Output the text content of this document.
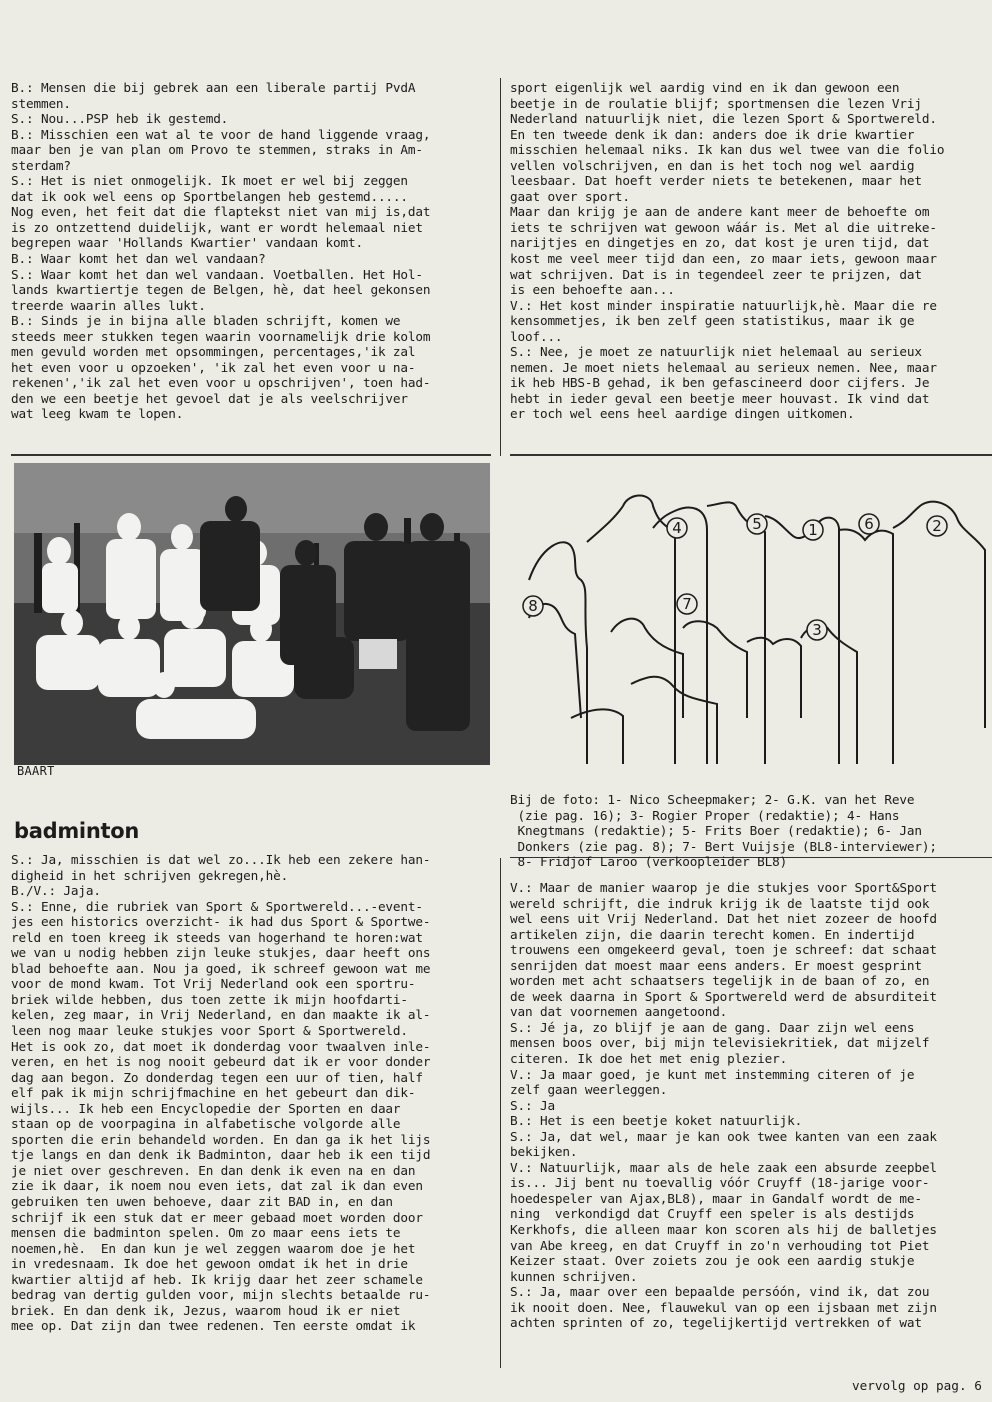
B.: Mensen die bij gebrek aan een liberale partij PvdA

stemmen.

S.: Nou...PSP heb ik gestemd.

B.: Misschien een wat al te voor de hand liggende vraag,

maar ben je van plan om Provo te stemmen, straks in Am-

sterdam?

S.: Het is niet onmogelijk. Ik moet er wel bij zeggen

dat ik ook wel eens op Sportbelangen heb gestemd.....

Nog even, het feit dat die flaptekst niet van mij is,dat

is zo ontzettend duidelijk, want er wordt helemaal niet

begrepen waar 'Hollands Kwartier' vandaan komt.

B.: Waar komt het dan wel vandaan?

S.: Waar komt het dan wel vandaan. Voetballen. Het Hol-

lands kwartiertje tegen de Belgen, hè, dat heel gekonsen

treerde waarin alles lukt.

B.: Sinds je in bijna alle bladen schrijft, komen we

steeds meer stukken tegen waarin voornamelijk drie kolom

men gevuld worden met opsommingen, percentages,'ik zal

het even voor u opzoeken', 'ik zal het even voor u na-

rekenen','ik zal het even voor u opschrijven', toen had-

den we een beetje het gevoel dat je als veelschrijver

wat leeg kwam te lopen.

sport eigenlijk wel aardig vind en ik dan gewoon een

beetje in de roulatie blijf; sportmensen die lezen Vrij

Nederland natuurlijk niet, die lezen Sport & Sportwereld.

En ten tweede denk ik dan: anders doe ik drie kwartier

misschien helemaal niks. Ik kan dus wel twee van die folio

vellen volschrijven, en dan is het toch nog wel aardig

leesbaar. Dat hoeft verder niets te betekenen, maar het

gaat over sport.

Maar dan krijg je aan de andere kant meer de behoefte om

iets te schrijven wat gewoon wáár is. Met al die uitreke-

narijtjes en dingetjes en zo, dat kost je uren tijd, dat

kost me veel meer tijd dan een, zo maar iets, gewoon maar

wat schrijven. Dat is in tegendeel zeer te prijzen, dat

is een behoefte aan...

V.: Het kost minder inspiratie natuurlijk,hè. Maar die re

kensommetjes, ik ben zelf geen statistikus, maar ik ge

loof...

S.: Nee, je moet ze natuurlijk niet helemaal au serieux

nemen. Je moet niets helemaal au serieux nemen. Nee, maar

ik heb HBS-B gehad, ik ben gefascineerd door cijfers. Je

hebt in ieder geval een beetje meer houvast. Ik vind dat

er toch wel eens heel aardige dingen uitkomen.

BAART
badminton

S.: Ja, misschien is dat wel zo...Ik heb een zekere han-

digheid in het schrijven gekregen,hè.

B./V.: Jaja.

S.: Enne, die rubriek van Sport & Sportwereld...-event-

jes een historics overzicht- ik had dus Sport & Sportwe-

reld en toen kreeg ik steeds van hogerhand te horen:wat

we van u nodig hebben zijn leuke stukjes, daar heeft ons

blad behoefte aan. Nou ja goed, ik schreef gewoon wat me

voor de mond kwam. Tot Vrij Nederland ook een sportru-

briek wilde hebben, dus toen zette ik mijn hoofdarti-

kelen, zeg maar, in Vrij Nederland, en dan maakte ik al-

leen nog maar leuke stukjes voor Sport & Sportwereld.

Het is ook zo, dat moet ik donderdag voor twaalven inle-

veren, en het is nog nooit gebeurd dat ik er voor donder

dag aan begon. Zo donderdag tegen een uur of tien, half

elf pak ik mijn schrijfmachine en het gebeurt dan dik-

wijls... Ik heb een Encyclopedie der Sporten en daar

staan op de voorpagina in alfabetische volgorde alle

sporten die erin behandeld worden. En dan ga ik het lijs

tje langs en dan denk ik Badminton, daar heb ik een tijd

je niet over geschreven. En dan denk ik even na en dan

zie ik daar, ik noem nou even iets, dat zal ik dan even

gebruiken ten uwen behoeve, daar zit BAD in, en dan

schrijf ik een stuk dat er meer gebaad moet worden door

mensen die badminton spelen. Om zo maar eens iets te

noemen,hè.  En dan kun je wel zeggen waarom doe je het

in vredesnaam. Ik doe het gewoon omdat ik het in drie

kwartier altijd af heb. Ik krijg daar het zeer schamele

bedrag van dertig gulden voor, mijn slechts betaalde ru-

briek. En dan denk ik, Jezus, waarom houd ik er niet

mee op. Dat zijn dan twee redenen. Ten eerste omdat ik

4	5	1	6	2
8	7
3

Bij de foto: 1- Nico Scheepmaker; 2- G.K. van het Reve

(zie pag. 16); 3- Rogier Proper (redaktie); 4- Hans

Knegtmans (redaktie); 5- Frits Boer (redaktie); 6- Jan

Donkers (zie pag. 8); 7- Bert Vuijsje (BL8-interviewer);

8- Fridjof Laroo (verkoopleider BL8)

V.: Maar de manier waarop je die stukjes voor Sport&Sport

wereld schrijft, die indruk krijg ik de laatste tijd ook

wel eens uit Vrij Nederland. Dat het niet zozeer de hoofd

artikelen zijn, die daarin terecht komen. En indertijd

trouwens een omgekeerd geval, toen je schreef: dat schaat

senrijden dat moest maar eens anders. Er moest gesprint

worden met acht schaatsers tegelijk in de baan of zo, en

de week daarna in Sport & Sportwereld werd de absurditeit

van dat voornemen aangetoond.

S.: Jé ja, zo blijf je aan de gang. Daar zijn wel eens

mensen boos over, bij mijn televisiekritiek, dat mijzelf

citeren. Ik doe het met enig plezier.

V.: Ja maar goed, je kunt met instemming citeren of je

zelf gaan weerleggen.

S.: Ja

B.: Het is een beetje koket natuurlijk.

S.: Ja, dat wel, maar je kan ook twee kanten van een zaak

bekijken.

V.: Natuurlijk, maar als de hele zaak een absurde zeepbel

is... Jij bent nu toevallig vóór Cruyff (18-jarige voor-

hoedespeler van Ajax,BL8), maar in Gandalf wordt de me-

ning  verkondigd dat Cruyff een speler is als destijds

Kerkhofs, die alleen maar kon scoren als hij de balletjes

van Abe kreeg, en dat Cruyff in zo'n verhouding tot Piet

Keizer staat. Over zoiets zou je ook een aardig stukje

kunnen schrijven.

S.: Ja, maar over een bepaalde persóón, vind ik, dat zou

ik nooit doen. Nee, flauwekul van op een ijsbaan met zijn

achten sprinten of zo, tegelijkertijd vertrekken of wat

vervolg op pag. 6
